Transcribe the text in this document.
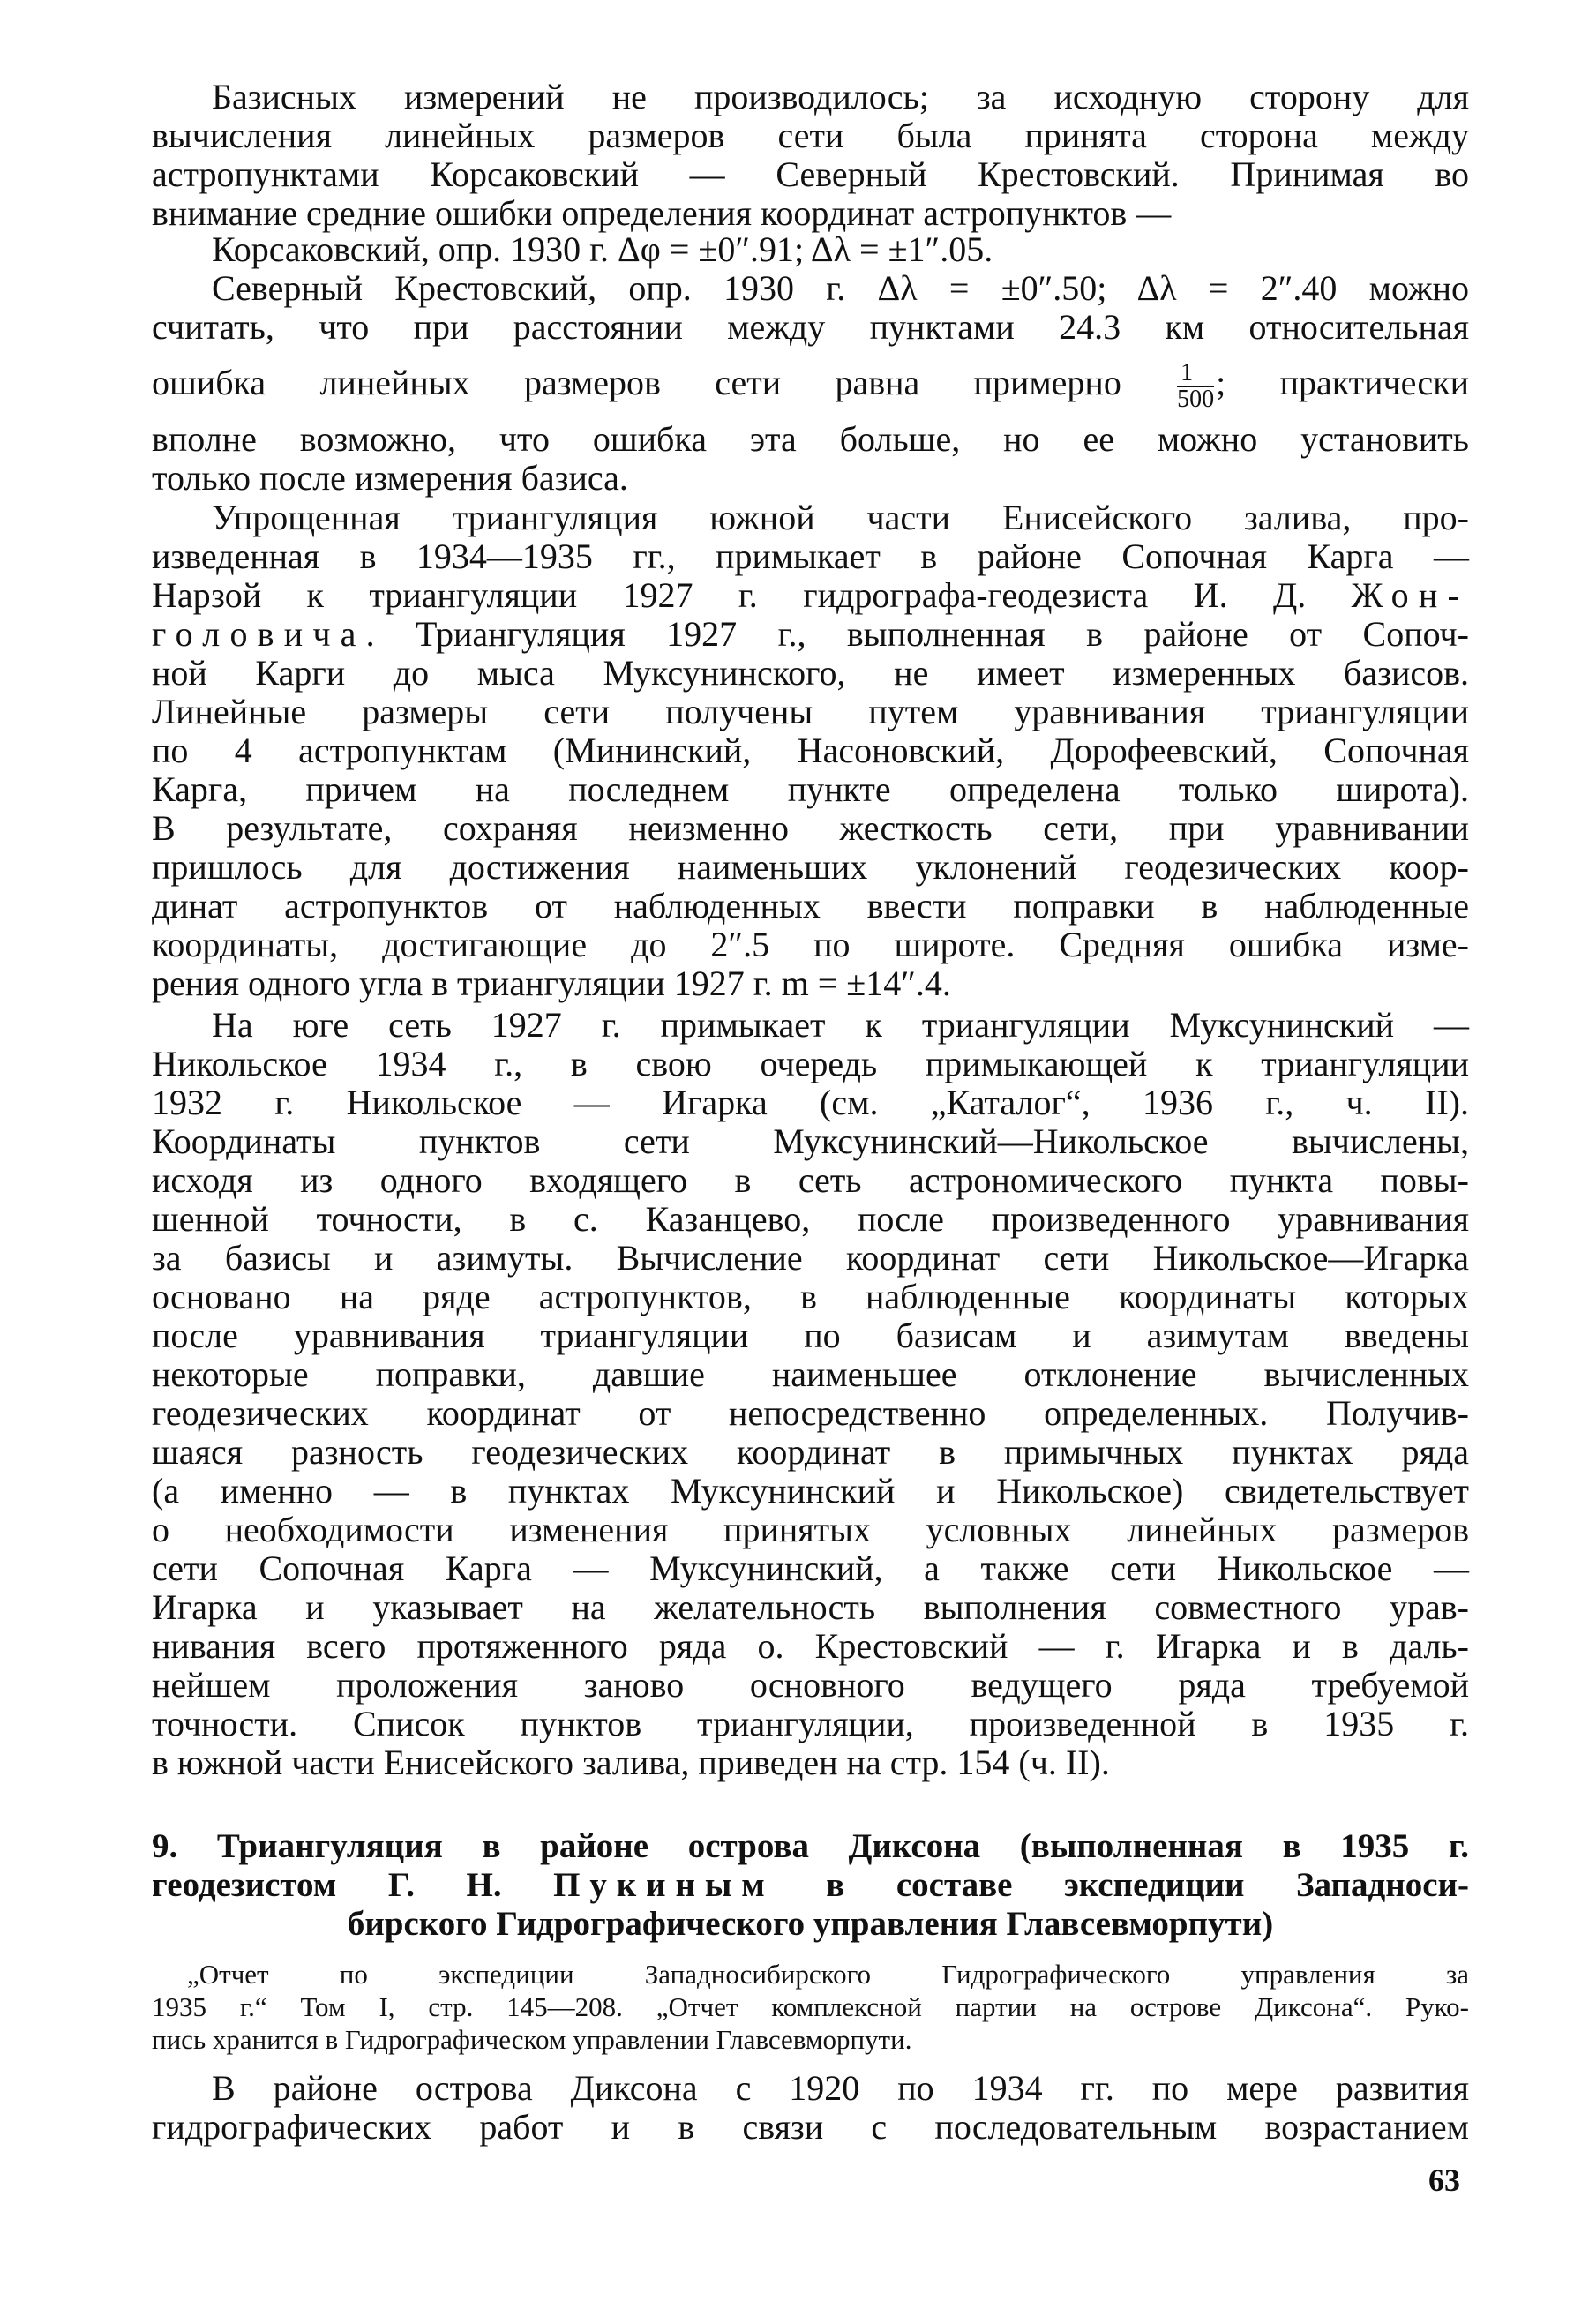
Базисных измерений не производилось; за исходную сторону для
вычисления линейных размеров сети была принята сторона между
астропунктами Корсаковский — Северный Крестовский. Принимая во
внимание средние ошибки определения координат астропунктов —
Корсаковский, опр. 1930 г. Δφ = ±0″.91; Δλ = ±1″.05.
Северный Крестовский, опр. 1930 г. Δλ = ±0″.50; Δλ = 2″.40 можно
считать, что при расстоянии между пунктами 24.3 км относительная
ошибка линейных размеров сети равна примерно $\frac{1}{500}$ ; практически
вполне возможно, что ошибка эта больше, но ее можно установить
только после измерения базиса.
Упрощенная триангуляция южной части Енисейского залива, про-
изведенная в 1934—1935 гг., примыкает в районе Сопочная Карга —
Нарзой к триангуляции 1927 г. гидрографа-геодезиста И. Д. Жон-
головича. Триангуляция 1927 г., выполненная в районе от Сопоч-
ной Карги до мыса Муксунинского, не имеет измеренных базисов.
Линейные размеры сети получены путем уравнивания триангуляции
по 4 астропунктам (Мининский, Насоновский, Дорофеевский, Сопочная
Карга, причем на последнем пункте определена только широта).
В результате, сохраняя неизменно жесткость сети, при уравнивании
пришлось для достижения наименьших уклонений геодезических коор-
динат астропунктов от наблюденных ввести поправки в наблюденные
координаты, достигающие до 2″.5 по широте. Средняя ошибка изме-
рения одного угла в триангуляции 1927 г. m = ±14″.4.
На юге сеть 1927 г. примыкает к триангуляции Муксунинский —
Никольское 1934 г., в свою очередь примыкающей к триангуляции
1932 г. Никольское — Игарка (см. „Каталог“, 1936 г., ч. II).
Координаты пунктов сети Муксунинский—Никольское вычислены,
исходя из одного входящего в сеть астрономического пункта повы-
шенной точности, в с. Казанцево, после произведенного уравнивания
за базисы и азимуты. Вычисление координат сети Никольское—Игарка
основано на ряде астропунктов, в наблюденные координаты которых
после уравнивания триангуляции по базисам и азимутам введены
некоторые поправки, давшие наименьшее отклонение вычисленных
геодезических координат от непосредственно определенных. Получив-
шаяся разность геодезических координат в примычных пунктах ряда
(а именно — в пунктах Муксунинский и Никольское) свидетельствует
о необходимости изменения принятых условных линейных размеров
сети Сопочная Карга — Муксунинский, а также сети Никольское —
Игарка и указывает на желательность выполнения совместного урав-
нивания всего протяженного ряда о. Крестовский — г. Игарка и в даль-
нейшем проложения заново основного ведущего ряда требуемой
точности. Список пунктов триангуляции, произведенной в 1935 г.
в южной части Енисейского залива, приведен на стр. 154 (ч. II).
9. Триангуляция в районе острова Диксона (выполненная в 1935 г.
геодезистом Г. Н. Пукиным в составе экспедиции Западноси-
бирского Гидрографического управления Главсевморпути)
„Отчет по экспедиции Западносибирского Гидрографического управления за
1935 г.“ Том I, стр. 145—208. „Отчет комплексной партии на острове Диксона“. Руко-
пись хранится в Гидрографическом управлении Главсевморпути.
В районе острова Диксона с 1920 по 1934 гг. по мере развития
гидрографических работ и в связи с последовательным возрастанием
63
